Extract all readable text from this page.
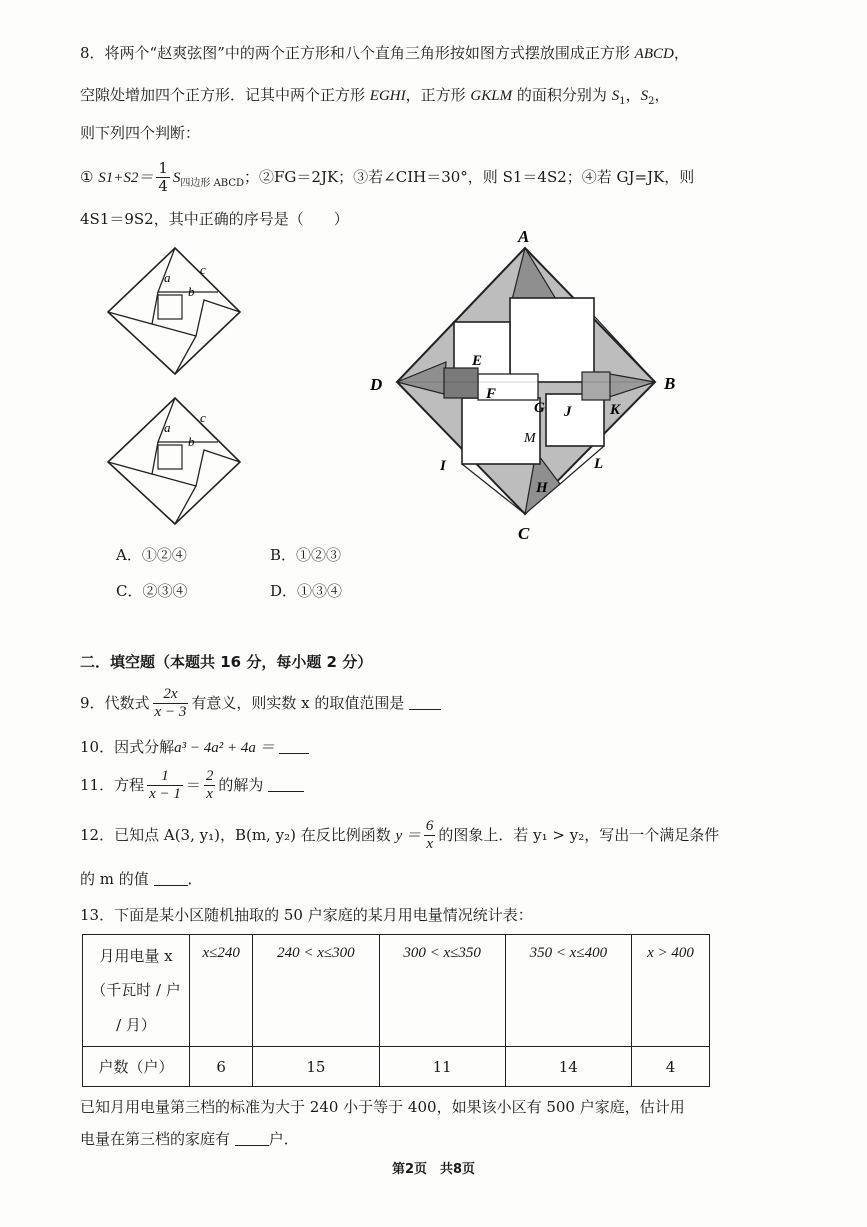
8．将两个“赵爽弦图”中的两个正方形和八个直角三角形按如图方式摆放围成正方形 ABCD，
空隙处增加四个正方形．记其中两个正方形 EGHI，正方形 GKLM 的面积分别为 $S_1$，$S_2$，
则下列四个判断：
① $S1+S2= \frac{1}{4} S_{四边形 ABCD}$；②FG＝2JK；③若∠CIH＝30°，则 S1＝4S2；④若 GJ=JK，则
4S1＝9S2，其中正确的序号是（　　）
a
c
b
a
c
b
A
B
C
D
E
F
G
H
I
J	K
L
M
A．①②④	B．①②③
C．②③④	D．①③④
二．填空题（本题共 16 分，每小题 2 分）
9．代数式 $\frac{2x}{x - 3}$ 有意义，则实数 x 的取值范围是
10．因式分解a³ − 4a² + 4a ＝
11．方程 $\frac{1}{x - 1} = \frac{2}{x}$ 的解为
12．已知点 A(3, y₁)，B(m, y₂) 在反比例函数 $y = \frac{6}{x}$ 的图象上．若 y₁ > y₂，写出一个满足条件
的 m 的值	．
13．下面是某小区随机抽取的 50 户家庭的某月用电量情况统计表：
月用电量 x
（千瓦时 / 户
/ 月）	x≤240	240 < x≤300	300 < x≤350	350 < x≤400	x > 400
户数（户）	6	15	11	14	4
已知月用电量第三档的标准为大于 240 小于等于 400，如果该小区有 500 户家庭，估计用
电量在第三档的家庭有	户．
第2页　共8页
